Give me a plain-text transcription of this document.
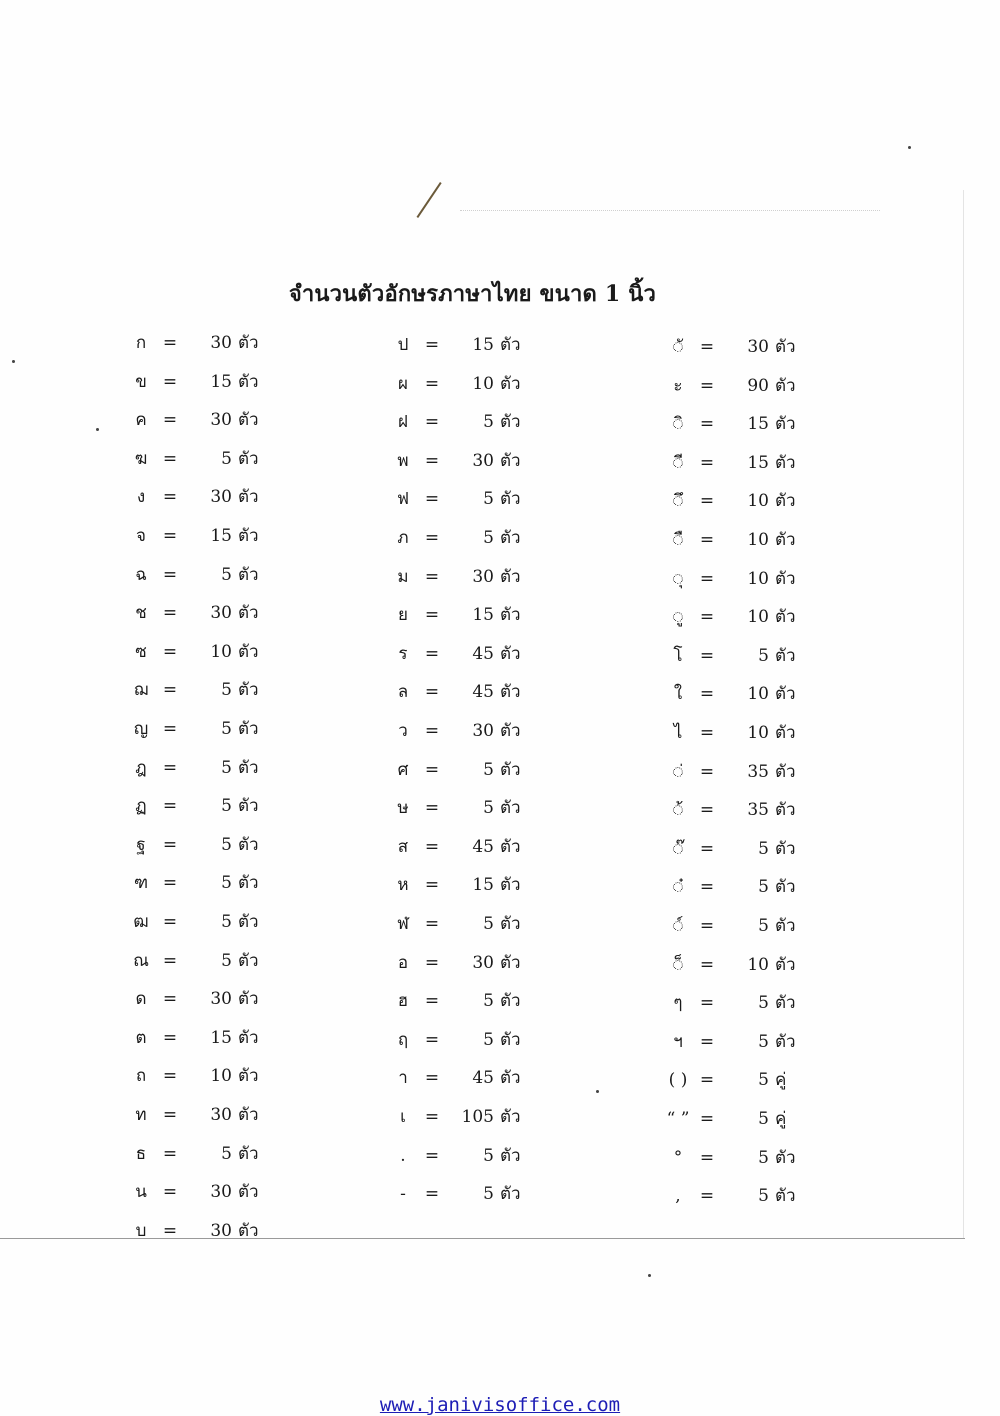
จำนวนตัวอักษรภาษาไทย ขนาด 1 นิ้ว
ก =	30 ตัว
ข =	15 ตัว
ค =	30 ตัว
ฆ =	5 ตัว
ง	=	30 ตัว
จ =	15 ตัว
ฉ =	5 ตัว
ช =	30 ตัว
ซ =	10 ตัว
ฌ =	5 ตัว
ญ =	5 ตัว
ฎ =	5 ตัว
ฏ =	5 ตัว
ฐ	=	5 ตัว
ฑ =	5 ตัว
ฒ =	5 ตัว
ณ =	5 ตัว
ด =	30 ตัว
ต =	15 ตัว
ถ =	10 ตัว
ท =	30 ตัว
ธ =	5 ตัว
น =	30 ตัว
บ =	30 ตัว
ป =	15 ตัว
ผ =	10 ตัว
ฝ =	5 ตัว
พ =	30 ตัว
ฟ =	5 ตัว
ภ =	5 ตัว
ม =	30 ตัว
ย =	15 ตัว
ร	=	45 ตัว
ล =	45 ตัว
ว	=	30 ตัว
ศ =	5 ตัว
ษ =	5 ตัว
ส =	45 ตัว
ห =	15 ตัว
ฬ =	5 ตัว
อ =	30 ตัว
ฮ =	5 ตัว
ฤ =	5 ตัว
า	=	45 ตัว
เ	=	105 ตัว
.	=	5 ตัว
-	=	5 ตัว
◌ั =	30 ตัว
ะ	=	90 ตัว
◌ิ =	15 ตัว
◌ี =	15 ตัว
◌ึ =	10 ตัว
◌ื =	10 ตัว
◌ุ =	10 ตัว
◌ู =	10 ตัว
โ	=	5 ตัว
ใ	=	10 ตัว
ไ	=	10 ตัว
◌่ =	35 ตัว
◌้ =	35 ตัว
◌๊ =	5 ตัว
◌๋ =	5 ตัว
◌์ =	5 ตัว
◌็ =	10 ตัว
ๆ	=	5 ตัว
ฯ	=	5 ตัว
( ) =	5 คู่
“ ” =	5 คู่
°	=	5 ตัว
,	=	5 ตัว
www.janivisoffice.com
